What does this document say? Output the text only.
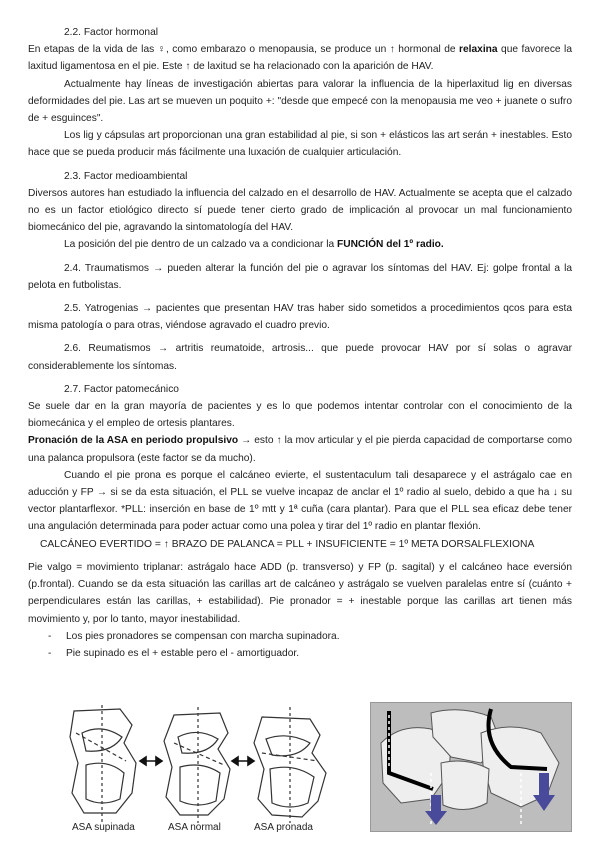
2.2. Factor hormonal

En etapas de la vida de las ♀, como embarazo o menopausia, se produce un ↑ hormonal de relaxina que favorece la laxitud ligamentosa en el pie. Este ↑ de laxitud se ha relacionado con la aparición de HAV.

Actualmente hay líneas de investigación abiertas para valorar la influencia de la hiperlaxitud lig en diversas deformidades del pie. Las art se mueven un poquito +: "desde que empecé con la menopausia me veo + juanete o sufro de + esguinces".

Los lig y cápsulas art proporcionan una gran estabilidad al pie, si son + elásticos las art serán + inestables. Esto hace que se pueda producir más fácilmente una luxación de cualquier articulación.

2.3. Factor medioambiental

Diversos autores han estudiado la influencia del calzado en el desarrollo de HAV. Actualmente se acepta que el calzado no es un factor etiológico directo sí puede tener cierto grado de implicación al provocar un mal funcionamiento biomecánico del pie, agravando la sintomatología del HAV.

La posición del pie dentro de un calzado va a condicionar la FUNCIÓN del 1º radio.

2.4. Traumatismos → pueden alterar la función del pie o agravar los síntomas del HAV. Ej: golpe frontal a la pelota en futbolistas.

2.5. Yatrogenias → pacientes que presentan HAV tras haber sido sometidos a procedimientos qcos para esta misma patología o para otras, viéndose agravado el cuadro previo.

2.6. Reumatismos → artritis reumatoide, artrosis... que puede provocar HAV por sí solas o agravar considerablemente los síntomas.

2.7. Factor patomecánico

Se suele dar en la gran mayoría de pacientes y es lo que podemos intentar controlar con el conocimiento de la biomecánica y el empleo de ortesis plantares.

Pronación de la ASA en periodo propulsivo → esto ↑ la mov articular y el pie pierda capacidad de comportarse como una palanca propulsora (este factor se da mucho).

Cuando el pie prona es porque el calcáneo evierte, el sustentaculum tali desaparece y el astrágalo cae en aducción y FP → si se da esta situación, el PLL se vuelve incapaz de anclar el 1º radio al suelo, debido a que ha ↓ su vector plantarflexor. *PLL: inserción en base de 1º mtt y 1ª cuña (cara plantar). Para que el PLL sea eficaz debe tener una angulación determinada para poder actuar como una polea y tirar del 1º radio en plantar flexión.

CALCÁNEO EVERTIDO = ↑ BRAZO DE PALANCA = PLL + INSUFICIENTE = 1º META DORSALFLEXIONA

Pie valgo = movimiento triplanar: astrágalo hace ADD (p. transverso) y FP (p. sagital) y el calcáneo hace eversión (p.frontal). Cuando se da esta situación las carillas art de calcáneo y astrágalo se vuelven paralelas entre sí (cuánto + perpendiculares están las carillas, + estabilidad). Pie pronador = + inestable porque las carillas art tienen más movimiento y, por lo tanto, mayor inestabilidad.

- Los pies pronadores se compensan con marcha supinadora.
- Pie supinado es el + estable pero el - amortiguador.
ASA supinada	ASA normal	ASA pronada
